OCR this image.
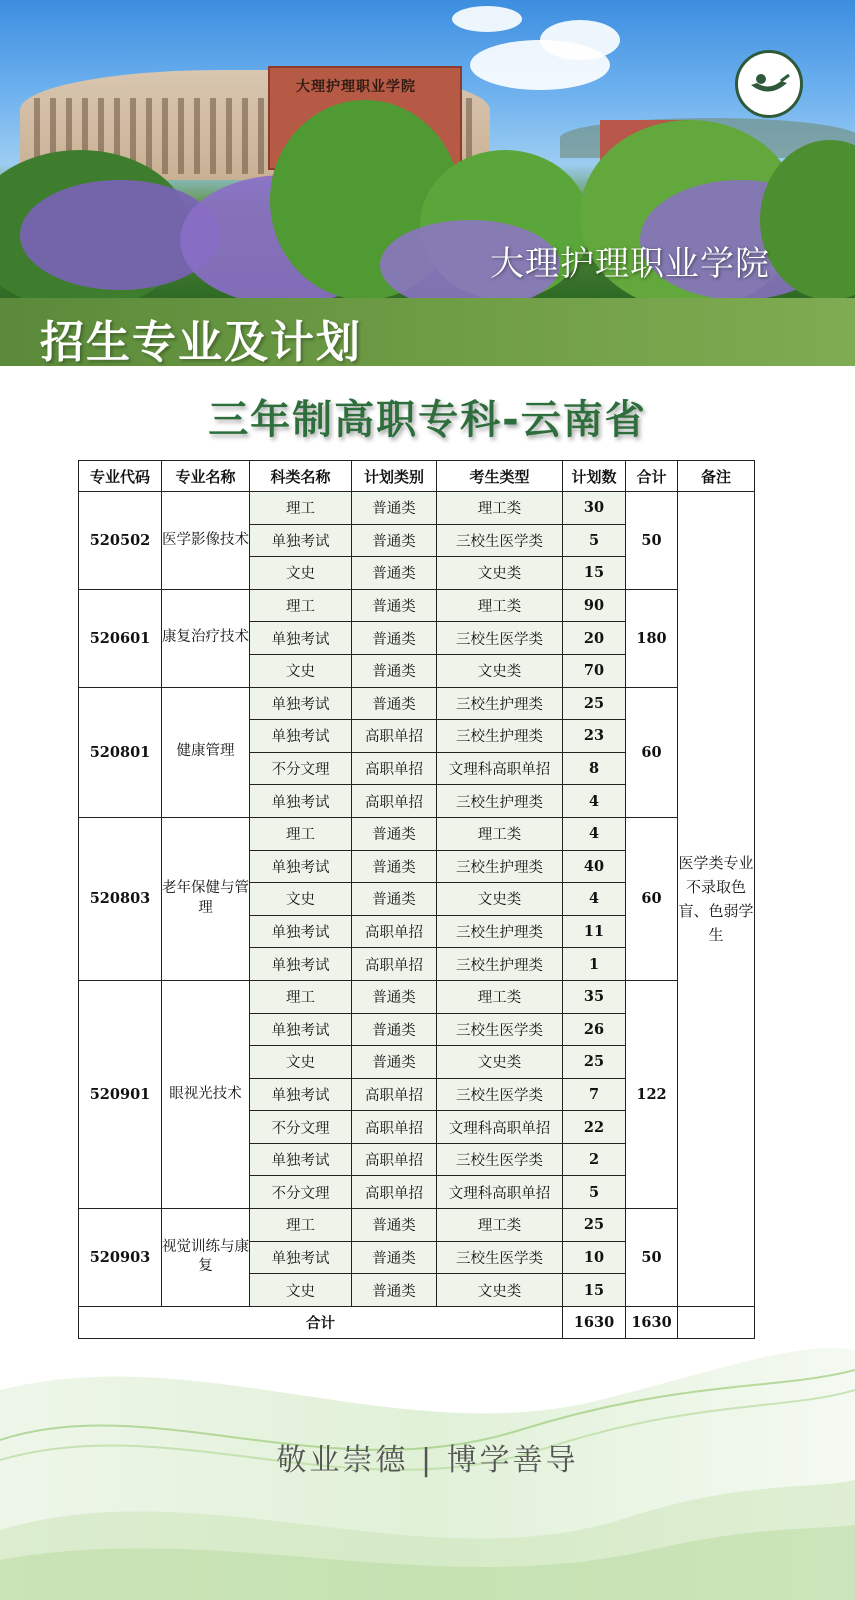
大理护理职业学院
大理护理职业学院
招生专业及计划
三年制高职专科-云南省
专业代码	专业名称	科类名称	计划类别	考生类型	计划数	合计	备注
520502	医学影像技术	理工	普通类	理工类	30	50	医学类专业不录取色盲、色弱学生
		单独考试	普通类	三校生医学类	5		
		文史	普通类	文史类	15		
520601	康复治疗技术	理工	普通类	理工类	90	180	
		单独考试	普通类	三校生医学类	20		
		文史	普通类	文史类	70		
520801	健康管理	单独考试	普通类	三校生护理类	25	60	
		单独考试	高职单招	三校生护理类	23		
		不分文理	高职单招	文理科高职单招	8		
		单独考试	高职单招	三校生护理类	4		
520803	老年保健与管理	理工	普通类	理工类	4	60	
		单独考试	普通类	三校生护理类	40		
		文史	普通类	文史类	4		
		单独考试	高职单招	三校生护理类	11		
		单独考试	高职单招	三校生护理类	1		
520901	眼视光技术	理工	普通类	理工类	35	122	
		单独考试	普通类	三校生医学类	26		
		文史	普通类	文史类	25		
		单独考试	高职单招	三校生医学类	7		
		不分文理	高职单招	文理科高职单招	22		
		单独考试	高职单招	三校生医学类	2		
		不分文理	高职单招	文理科高职单招	5		
520903	视觉训练与康复	理工	普通类	理工类	25	50	
		单独考试	普通类	三校生医学类	10		
		文史	普通类	文史类	15		
合计					1630	1630	
敬业崇德 | 博学善导
